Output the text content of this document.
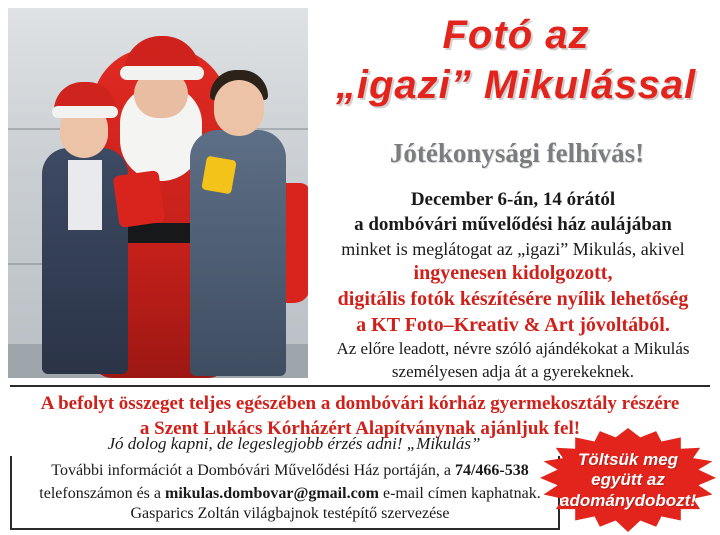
Fotó az
„igazi” Mikulással
Jótékonysági felhívás!
December 6-án, 14 órától
a dombóvári művelődési ház aulájában
minket is meglátogat az „igazi” Mikulás, akivel
ingyenesen kidolgozott,
digitális fotók készítésére nyílik lehetőség
a KT Foto–Kreativ & Art jóvoltából.
Az előre leadott, névre szóló ajándékokat a Mikulás
személyesen adja át a gyerekeknek.
A befolyt összeget teljes egészében a dombóvári kórház gyermekosztály részére
a Szent Lukács Kórházért Alapítványnak ajánljuk fel!
Jó dolog kapni, de legeslegjobb érzés adni! „Mikulás”
További információt a Dombóvári Művelődési Ház portáján, a 74/466-538
telefonszámon és a mikulas.dombovar@gmail.com e-mail címen kaphatnak.
Gasparics Zoltán világbajnok testépítő szervezése
Töltsük meg
együtt az
adománydobozt!
